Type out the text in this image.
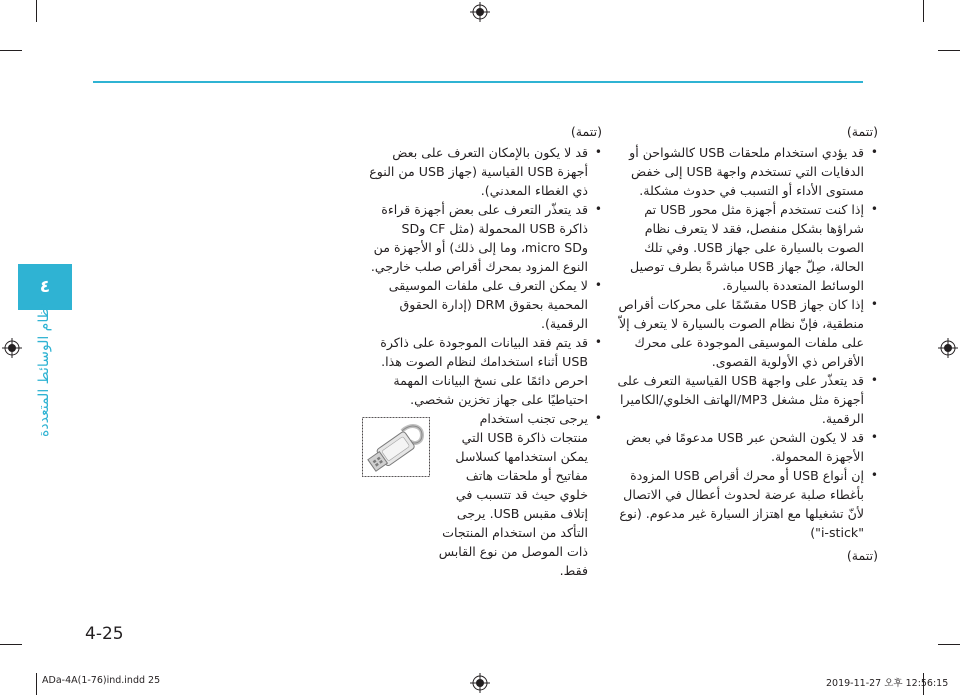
٤
نظام الوسائط المتعددة
(تتمة)
• قد يؤدي استخدام ملحقات USB كالشواحن أو الدفايات التي تستخدم واجهة USB إلى خفض مستوى الأداء أو التسبب في حدوث مشكلة.
• إذا كنت تستخدم أجهزة مثل محور USB تم شراؤها بشكل منفصل، فقد لا يتعرف نظام الصوت بالسيارة على جهاز USB. وفي تلك الحالة، صِلّ جهاز USB مباشرةً بطرف توصيل الوسائط المتعددة بالسيارة.
• إذا كان جهاز USB مقسّمًا على محركات أقراص منطقية، فإنّ نظام الصوت بالسيارة لا يتعرف إلاّ على ملفات الموسيقى الموجودة على محرك الأقراص ذي الأولوية القصوى.
• قد يتعذّر على واجهة USB القياسية التعرف على أجهزة مثل مشغل MP3/الهاتف الخلوي/الكاميرا الرقمية.
• قد لا يكون الشحن عبر USB مدعومًا في بعض الأجهزة المحمولة.
• إن أنواع USB أو محرك أقراص USB المزودة بأغطاء صلبة عرضة لحدوث أعطال في الاتصال لأنّ تشغيلها مع اهتزاز السيارة غير مدعوم. (نوع "i-stick")
(تتمة)
(تتمة)
• قد لا يكون بالإمكان التعرف على بعض أجهزة USB القياسية (جهاز USB من النوع ذي الغطاء المعدني).
• قد يتعذّر التعرف على بعض أجهزة قراءة ذاكرة USB المحمولة (مثل CF وSD وmicro SD، وما إلى ذلك) أو الأجهزة من النوع المزود بمحرك أقراص صلب خارجي.
• لا يمكن التعرف على ملفات الموسيقى المحمية بحقوق DRM (إدارة الحقوق الرقمية).
• قد يتم فقد البيانات الموجودة على ذاكرة USB أثناء استخدامك لنظام الصوت هذا. احرص دائمًا على نسخ البيانات المهمة احتياطيًا على جهاز تخزين شخصي.
• يرجى تجنب استخدام منتجات ذاكرة USB التي يمكن استخدامها كسلاسل مفاتيح أو ملحقات هاتف خلوي حيث قد تتسبب في إتلاف مقبس USB. يرجى التأكد من استخدام المنتجات ذات الموصل من نوع القابس فقط.
4-25
ADa-4A(1-76)ind.indd 25	2019-11-27 오후 12:56:15
